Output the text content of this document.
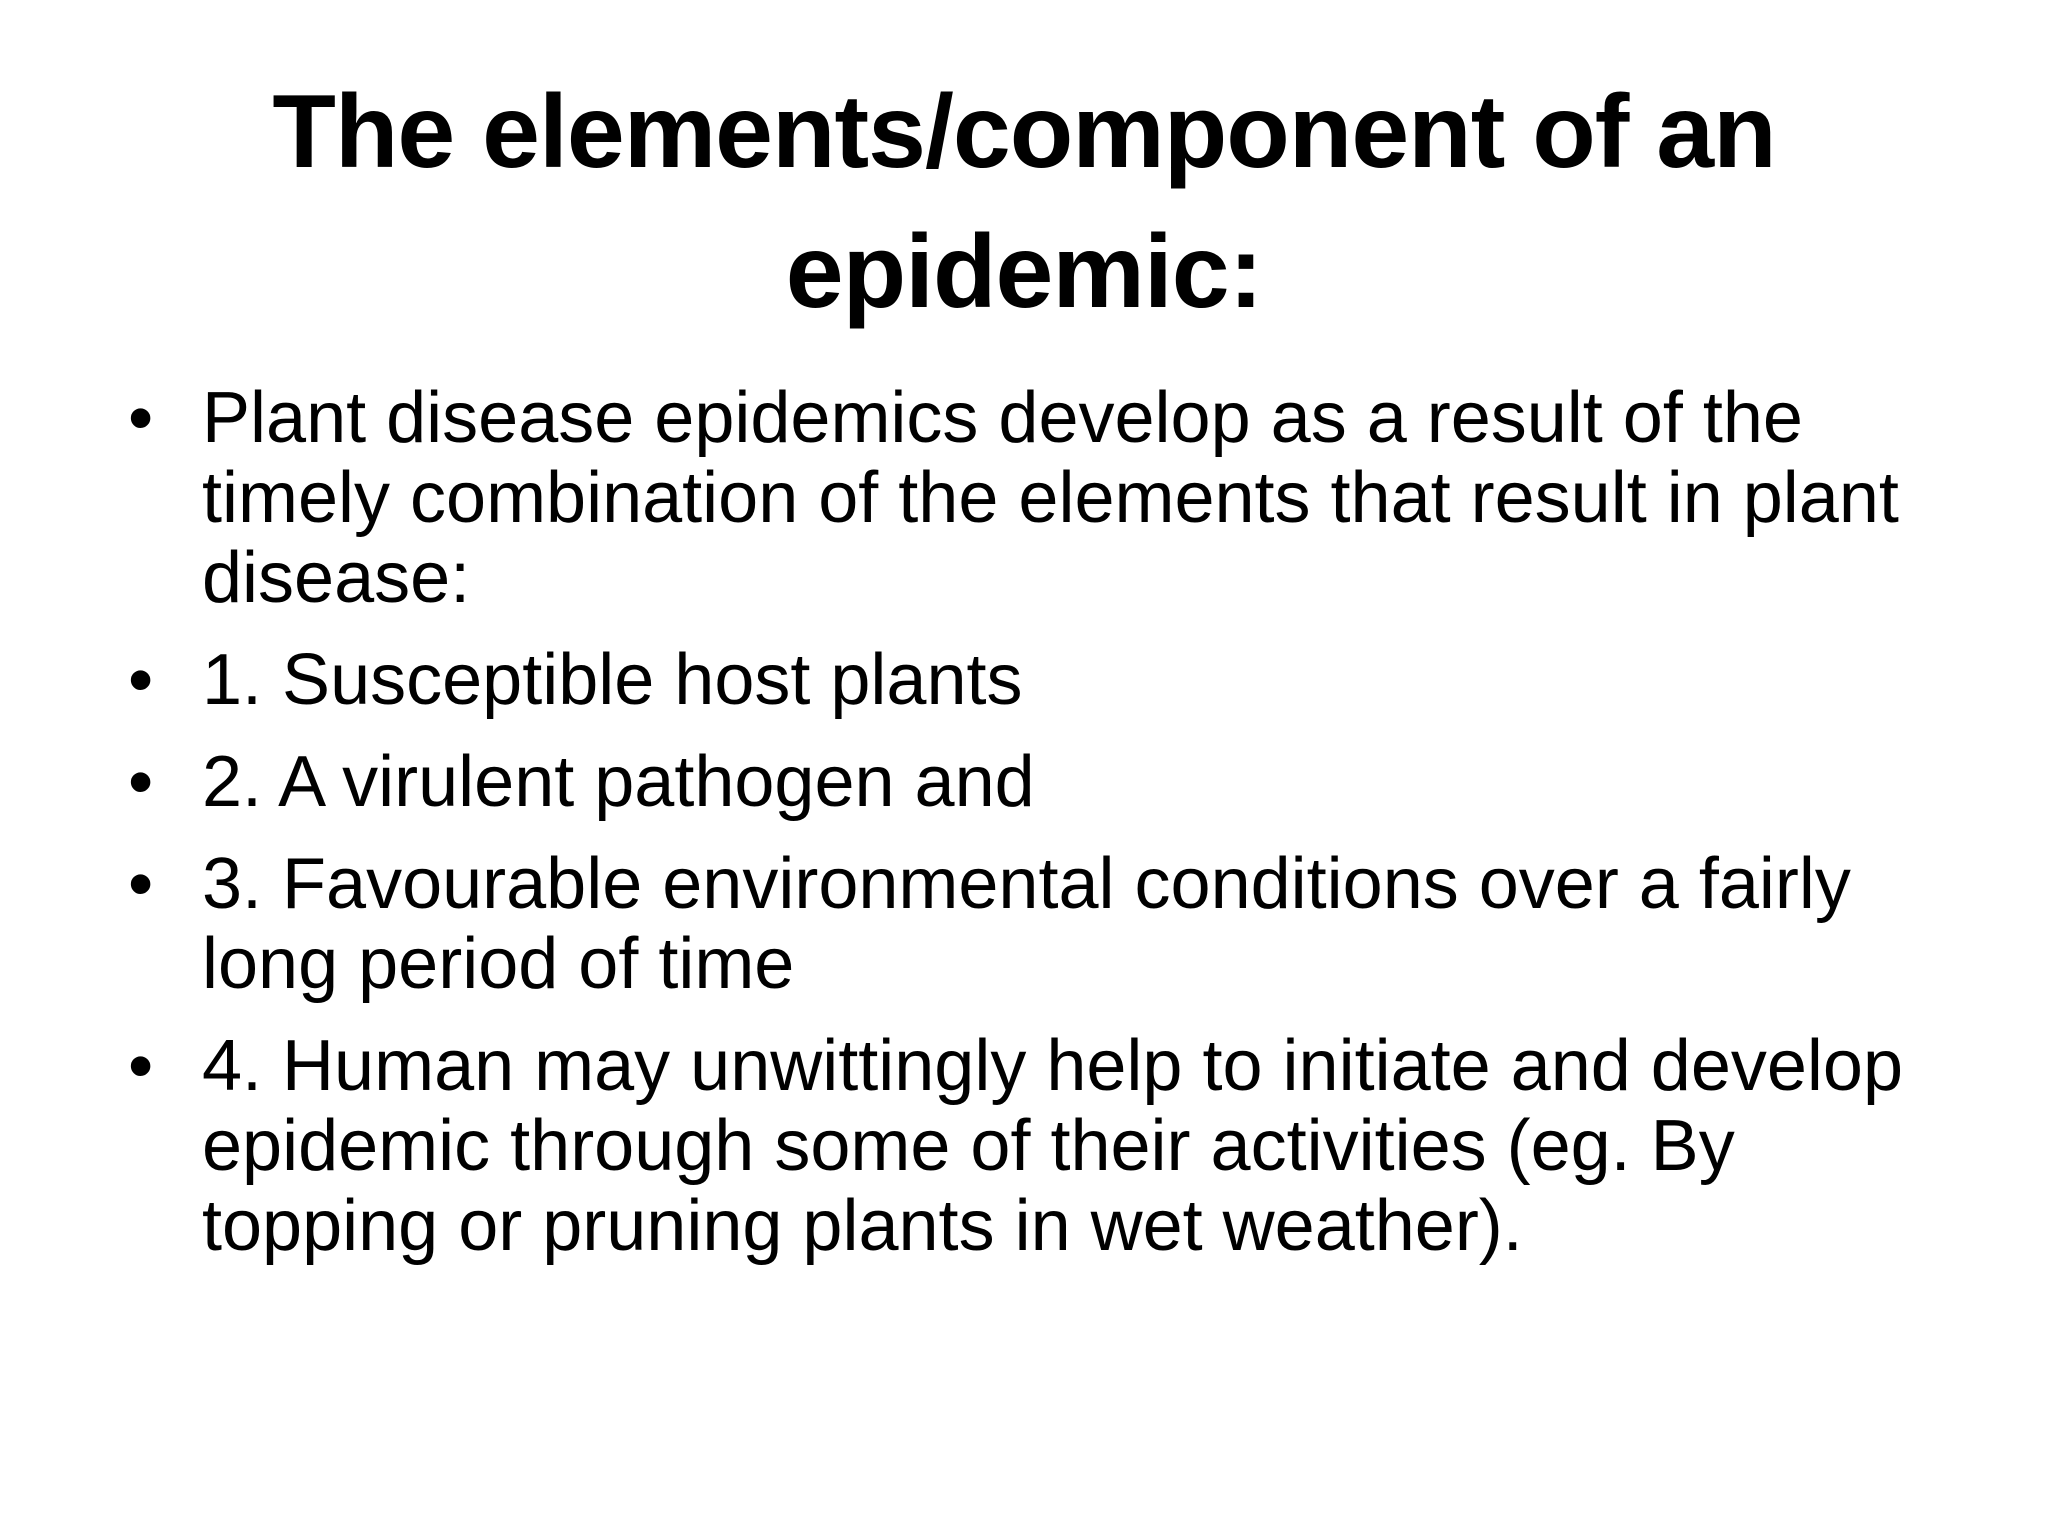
The elements/component of an epidemic:
• Plant disease epidemics develop as a result of the timely combination of the elements that result in plant disease:
• 1. Susceptible host plants
• 2. A virulent pathogen and
• 3. Favourable environmental conditions over a fairly long period of time
• 4. Human may unwittingly help to initiate and develop epidemic through some of their activities (eg. By topping or pruning plants in wet weather).
